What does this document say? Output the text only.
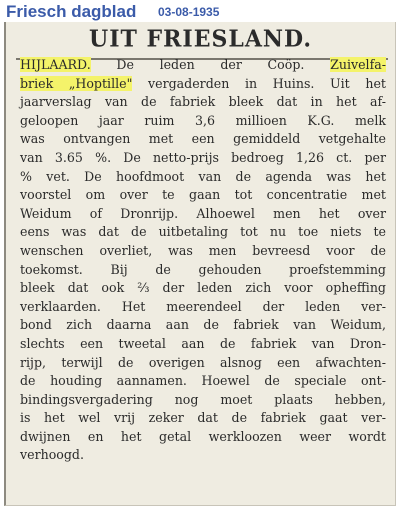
Friesch dagblad 03-08-1935
UIT FRIESLAND.
HIJLAARD. De leden der Coöp. Zuivelfa-
briek „Hoptille" vergaderden in Huins. Uit het
jaarverslag van de fabriek bleek dat in het af-
geloopen jaar ruim 3,6 millioen K.G. melk
was ontvangen met een gemiddeld vetgehalte
van 3.65 %. De netto-prijs bedroeg 1,26 ct. per
% vet. De hoofdmoot van de agenda was het
voorstel om over te gaan tot concentratie met
Weidum of Dronrijp. Alhoewel men het over
eens was dat de uitbetaling tot nu toe niets te
wenschen overliet, was men bevreesd voor de
toekomst. Bij de gehouden proefstemming
bleek dat ook ⅔ der leden zich voor opheffing
verklaarden. Het meerendeel der leden ver-
bond zich daarna aan de fabriek van Weidum,
slechts een tweetal aan de fabriek van Dron-
rijp, terwijl de overigen alsnog een afwachten-
de houding aannamen. Hoewel de speciale ont-
bindingsvergadering nog moet plaats hebben,
is het wel vrij zeker dat de fabriek gaat ver-
dwijnen en het getal werkloozen weer wordt
verhoogd.
